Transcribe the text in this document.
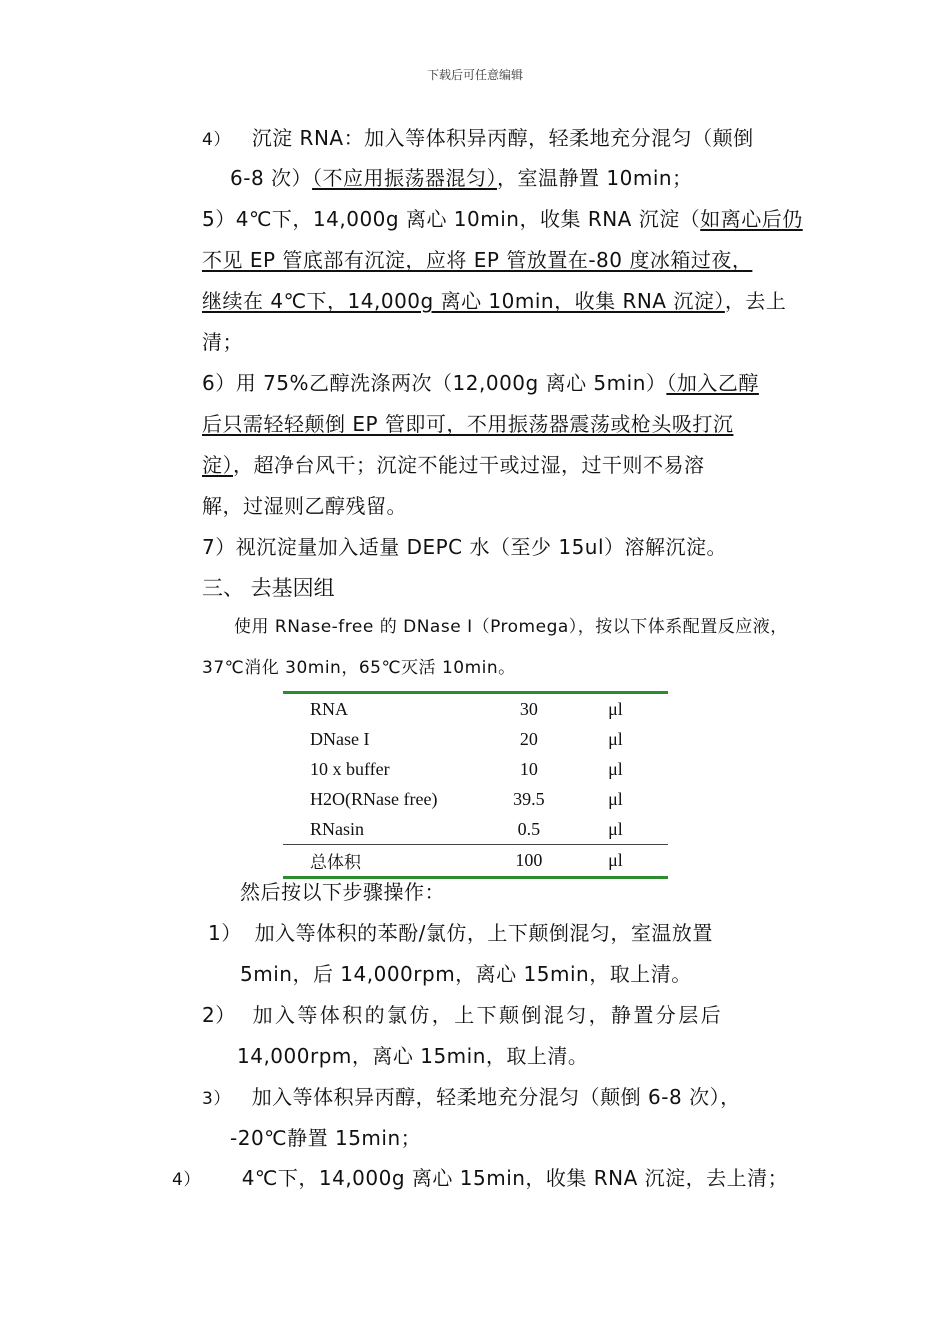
下载后可任意编辑
4） 沉淀 RNA：加入等体积异丙醇，轻柔地充分混匀（颠倒
6-8 次）（不应用振荡器混匀），室温静置 10min；
5）4℃下，14,000g 离心 10min，收集 RNA 沉淀（如离心后仍
不见 EP 管底部有沉淀，应将 EP 管放置在-80 度冰箱过夜，
继续在 4℃下，14,000g 离心 10min，收集 RNA 沉淀），去上
清；
6）用 75%乙醇洗涤两次（12,000g 离心 5min）（加入乙醇
后只需轻轻颠倒 EP 管即可，不用振荡器震荡或枪头吸打沉
淀），超净台风干；沉淀不能过干或过湿，过干则不易溶
解，过湿则乙醇残留。
7）视沉淀量加入适量 DEPC 水（至少 15ul）溶解沉淀。
三、 去基因组
使用 RNase-free 的 DNase Ⅰ（Promega），按以下体系配置反应液，
37℃消化 30min，65℃灭活 10min。
RNA	30	μl
DNase I	20	μl
10 x buffer	10	μl
H2O(RNase free)	39.5	μl
RNasin	0.5	μl
总体积	100	μl
然后按以下步骤操作：
1） 加入等体积的苯酚/氯仿，上下颠倒混匀，室温放置
5min，后 14,000rpm，离心 15min，取上清。
2） 加入等体积的氯仿，上下颠倒混匀，静置分层后
14,000rpm，离心 15min，取上清。
3） 加入等体积异丙醇，轻柔地充分混匀（颠倒 6-8 次），
-20℃静置 15min；
4） 4℃下，14,000g 离心 15min，收集 RNA 沉淀，去上清；
